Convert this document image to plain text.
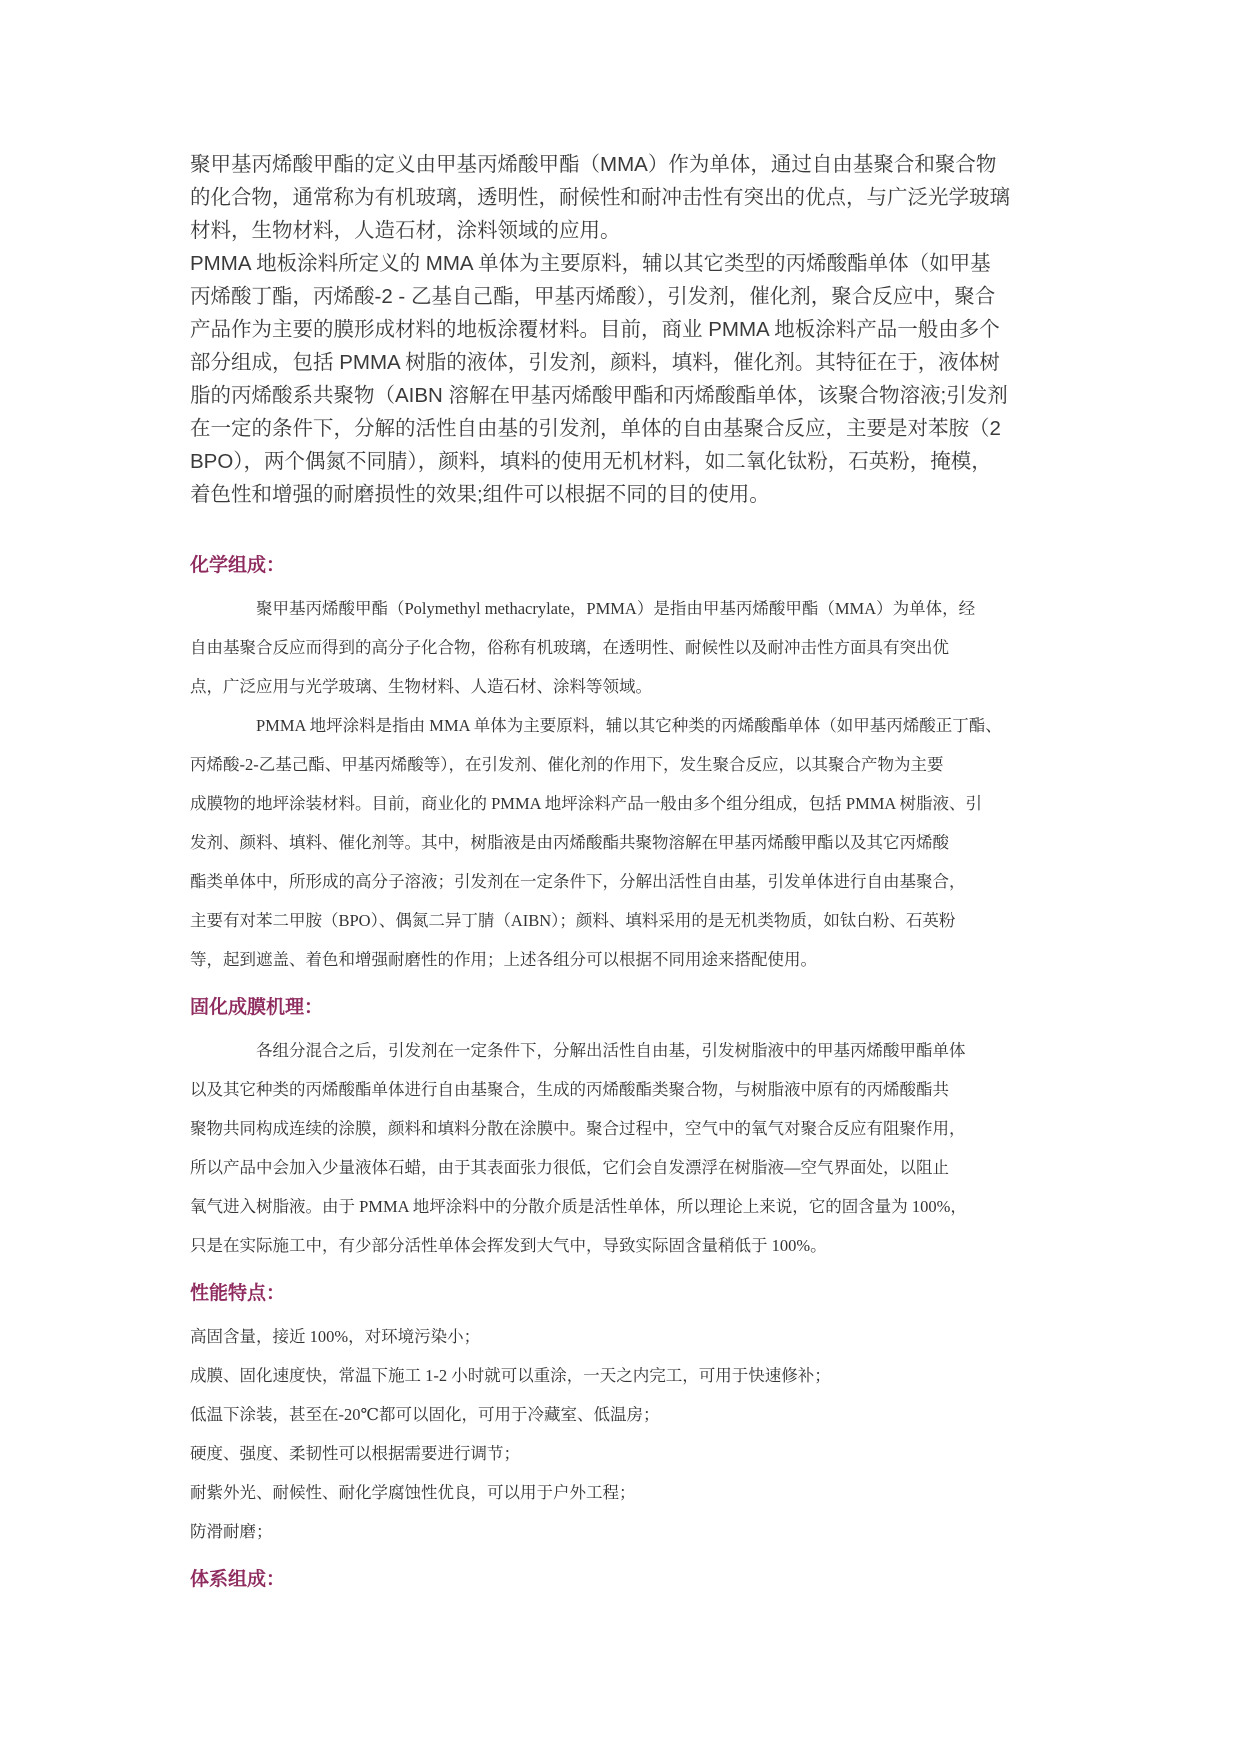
聚甲基丙烯酸甲酯的定义由甲基丙烯酸甲酯（MMA）作为单体，通过自由基聚合和聚合物

的化合物，通常称为有机玻璃，透明性，耐候性和耐冲击性有突出的优点，与广泛光学玻璃

材料，生物材料，人造石材，涂料领域的应用。

PMMA 地板涂料所定义的 MMA 单体为主要原料，辅以其它类型的丙烯酸酯单体（如甲基

丙烯酸丁酯，丙烯酸-2 - 乙基自己酯，甲基丙烯酸），引发剂，催化剂，聚合反应中，聚合

产品作为主要的膜形成材料的地板涂覆材料。目前，商业 PMMA 地板涂料产品一般由多个

部分组成，包括 PMMA 树脂的液体，引发剂，颜料，填料，催化剂。其特征在于，液体树

脂的丙烯酸系共聚物（AIBN 溶解在甲基丙烯酸甲酯和丙烯酸酯单体，该聚合物溶液;引发剂

在一定的条件下，分解的活性自由基的引发剂，单体的自由基聚合反应，主要是对苯胺（2

BPO），两个偶氮不同腈），颜料，填料的使用无机材料，如二氧化钛粉，石英粉，掩模，

着色性和增强的耐磨损性的效果;组件可以根据不同的目的使用。

化学组成：

聚甲基丙烯酸甲酯（Polymethyl methacrylate，PMMA）是指由甲基丙烯酸甲酯（MMA）为单体，经

自由基聚合反应而得到的高分子化合物，俗称有机玻璃，在透明性、耐候性以及耐冲击性方面具有突出优

点，广泛应用与光学玻璃、生物材料、人造石材、涂料等领域。

PMMA 地坪涂料是指由 MMA 单体为主要原料，辅以其它种类的丙烯酸酯单体（如甲基丙烯酸正丁酯、

丙烯酸-2-乙基己酯、甲基丙烯酸等），在引发剂、催化剂的作用下，发生聚合反应，以其聚合产物为主要

成膜物的地坪涂装材料。目前，商业化的 PMMA 地坪涂料产品一般由多个组分组成，包括 PMMA 树脂液、引

发剂、颜料、填料、催化剂等。其中，树脂液是由丙烯酸酯共聚物溶解在甲基丙烯酸甲酯以及其它丙烯酸

酯类单体中，所形成的高分子溶液；引发剂在一定条件下，分解出活性自由基，引发单体进行自由基聚合，

主要有对苯二甲胺（BPO）、偶氮二异丁腈（AIBN）；颜料、填料采用的是无机类物质，如钛白粉、石英粉

等，起到遮盖、着色和增强耐磨性的作用；上述各组分可以根据不同用途来搭配使用。

固化成膜机理：

各组分混合之后，引发剂在一定条件下，分解出活性自由基，引发树脂液中的甲基丙烯酸甲酯单体

以及其它种类的丙烯酸酯单体进行自由基聚合，生成的丙烯酸酯类聚合物，与树脂液中原有的丙烯酸酯共

聚物共同构成连续的涂膜，颜料和填料分散在涂膜中。聚合过程中，空气中的氧气对聚合反应有阻聚作用，

所以产品中会加入少量液体石蜡，由于其表面张力很低，它们会自发漂浮在树脂液—空气界面处，以阻止

氧气进入树脂液。由于 PMMA 地坪涂料中的分散介质是活性单体，所以理论上来说，它的固含量为 100%，

只是在实际施工中，有少部分活性单体会挥发到大气中，导致实际固含量稍低于 100%。

性能特点：

高固含量，接近 100%，对环境污染小；

成膜、固化速度快，常温下施工 1-2 小时就可以重涂，一天之内完工，可用于快速修补；

低温下涂装，甚至在-20℃都可以固化，可用于冷藏室、低温房；

硬度、强度、柔韧性可以根据需要进行调节；

耐紫外光、耐候性、耐化学腐蚀性优良，可以用于户外工程；

防滑耐磨；

体系组成：
